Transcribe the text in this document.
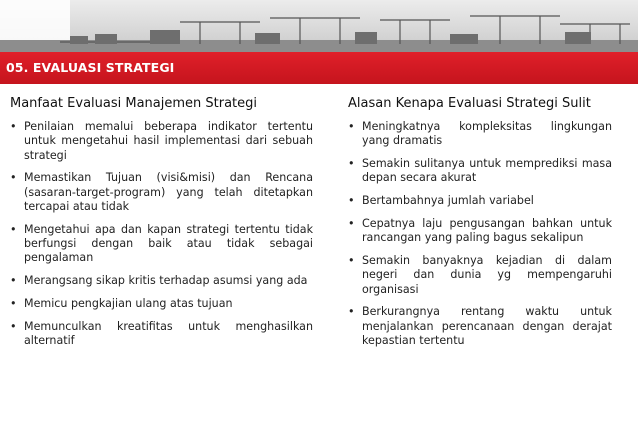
05. EVALUASI STRATEGI
Manfaat Evaluasi Manajemen Strategi
• Penilaian memalui beberapa indikator tertentu untuk mengetahui hasil implementasi dari sebuah strategi
• Memastikan Tujuan (visi&misi) dan Rencana (sasaran-target-program) yang telah ditetapkan tercapai atau tidak
• Mengetahui apa dan kapan strategi tertentu tidak berfungsi dengan baik atau tidak sebagai pengalaman
• Merangsang sikap kritis terhadap asumsi yang ada
• Memicu pengkajian ulang atas tujuan
• Memunculkan kreatifitas untuk menghasilkan alternatif
Alasan Kenapa Evaluasi Strategi Sulit
• Meningkatnya kompleksitas lingkungan yang dramatis
• Semakin sulitanya untuk memprediksi masa depan secara akurat
• Bertambahnya jumlah variabel
• Cepatnya laju pengusangan bahkan untuk rancangan yang paling bagus sekalipun
• Semakin banyaknya kejadian di dalam negeri dan dunia yg mempengaruhi organisasi
• Berkurangnya rentang waktu untuk menjalankan perencanaan dengan derajat kepastian tertentu
